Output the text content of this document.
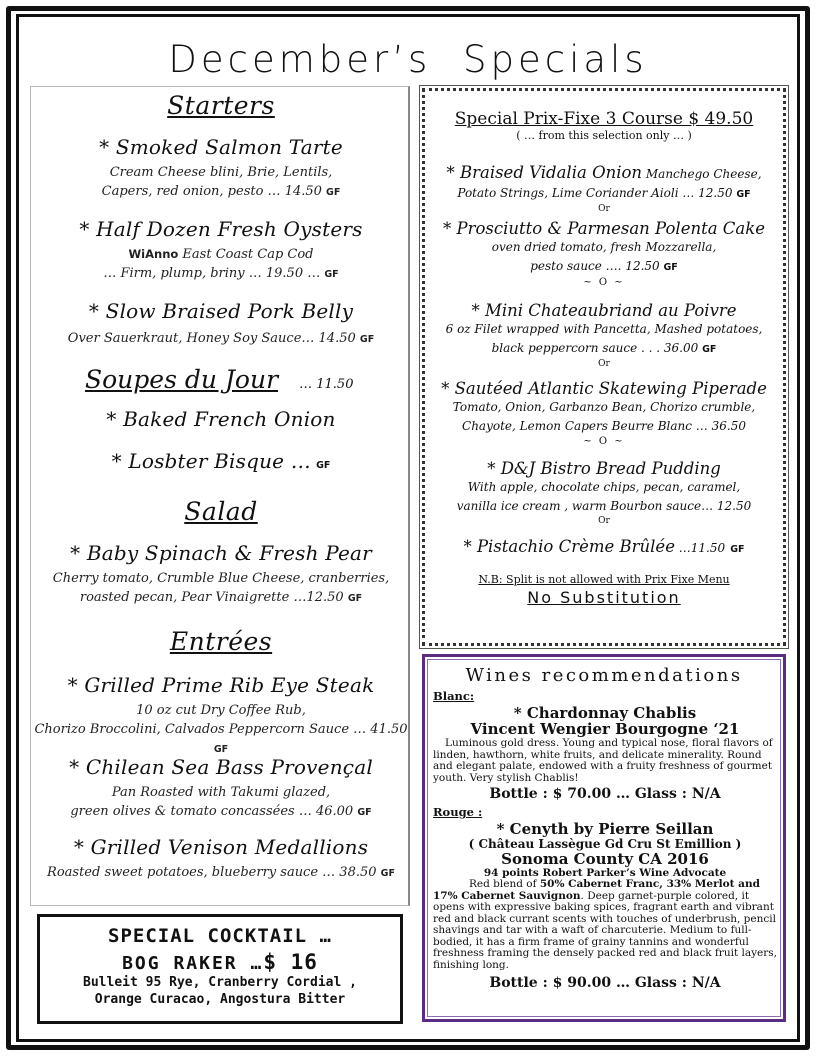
December’s Specials
Starters
* Smoked Salmon Tarte
Cream Cheese blini, Brie, Lentils,
Capers, red onion, pesto … 14.50 GF
* Half Dozen Fresh Oysters
WiAnno East Coast Cap Cod
… Firm, plump, briny … 19.50 … GF
* Slow Braised Pork Belly
Over Sauerkraut, Honey Soy Sauce… 14.50 GF
Soupes du Jour … 11.50
* Baked French Onion
* Losbter Bisque … GF
Salad
* Baby Spinach & Fresh Pear
Cherry tomato, Crumble Blue Cheese, cranberries,
roasted pecan, Pear Vinaigrette …12.50 GF
Entrées
* Grilled Prime Rib Eye Steak
10 oz cut Dry Coffee Rub,
Chorizo Broccolini, Calvados Peppercorn Sauce … 41.50 GF
* Chilean Sea Bass Provençal
Pan Roasted with Takumi glazed,
green olives & tomato concassées … 46.00 GF
* Grilled Venison Medallions
Roasted sweet potatoes, blueberry sauce … 38.50 GF
SPECIAL COCKTAIL …
BOG RAKER …$ 16
Bulleit 95 Rye, Cranberry Cordial ,
Orange Curacao, Angostura Bitter
Special Prix-Fixe 3 Course $ 49.50
( … from this selection only … )
* Braised Vidalia Onion Manchego Cheese,
Potato Strings, Lime Coriander Aioli … 12.50 GF
Or
* Prosciutto & Parmesan Polenta Cake
oven dried tomato, fresh Mozzarella,
pesto sauce …. 12.50 GF
~ O ~
* Mini Chateaubriand au Poivre
6 oz Filet wrapped with Pancetta, Mashed potatoes,
black peppercorn sauce . . . 36.00 GF
Or
* Sautéed Atlantic Skatewing Piperade
Tomato, Onion, Garbanzo Bean, Chorizo crumble,
Chayote, Lemon Capers Beurre Blanc … 36.50
~ O ~
* D&J Bistro Bread Pudding
With apple, chocolate chips, pecan, caramel,
vanilla ice cream , warm Bourbon sauce… 12.50
Or
* Pistachio Crème Brûlée …11.50 GF
N.B: Split is not allowed with Prix Fixe Menu
No Substitution
Wines recommendations
Blanc:
* Chardonnay Chablis
Vincent Wengier Bourgogne ‘21
Luminous gold dress. Young and typical nose, floral flavors of linden, hawthorn, white fruits, and delicate minerality. Round and elegant palate, endowed with a fruity freshness of gourmet youth. Very stylish Chablis!
Bottle : $ 70.00 … Glass : N/A
Rouge :
* Cenyth by Pierre Seillan
( Château Lassègue Gd Cru St Emillion )
Sonoma County CA 2016
94 points Robert Parker’s Wine Advocate
Red blend of 50% Cabernet Franc, 33% Merlot and 17% Cabernet Sauvignon. Deep garnet-purple colored, it opens with expressive baking spices, fragrant earth and vibrant red and black currant scents with touches of underbrush, pencil shavings and tar with a waft of charcuterie. Medium to full-bodied, it has a firm frame of grainy tannins and wonderful freshness framing the densely packed red and black fruit layers, finishing long.
Bottle : $ 90.00 … Glass : N/A
